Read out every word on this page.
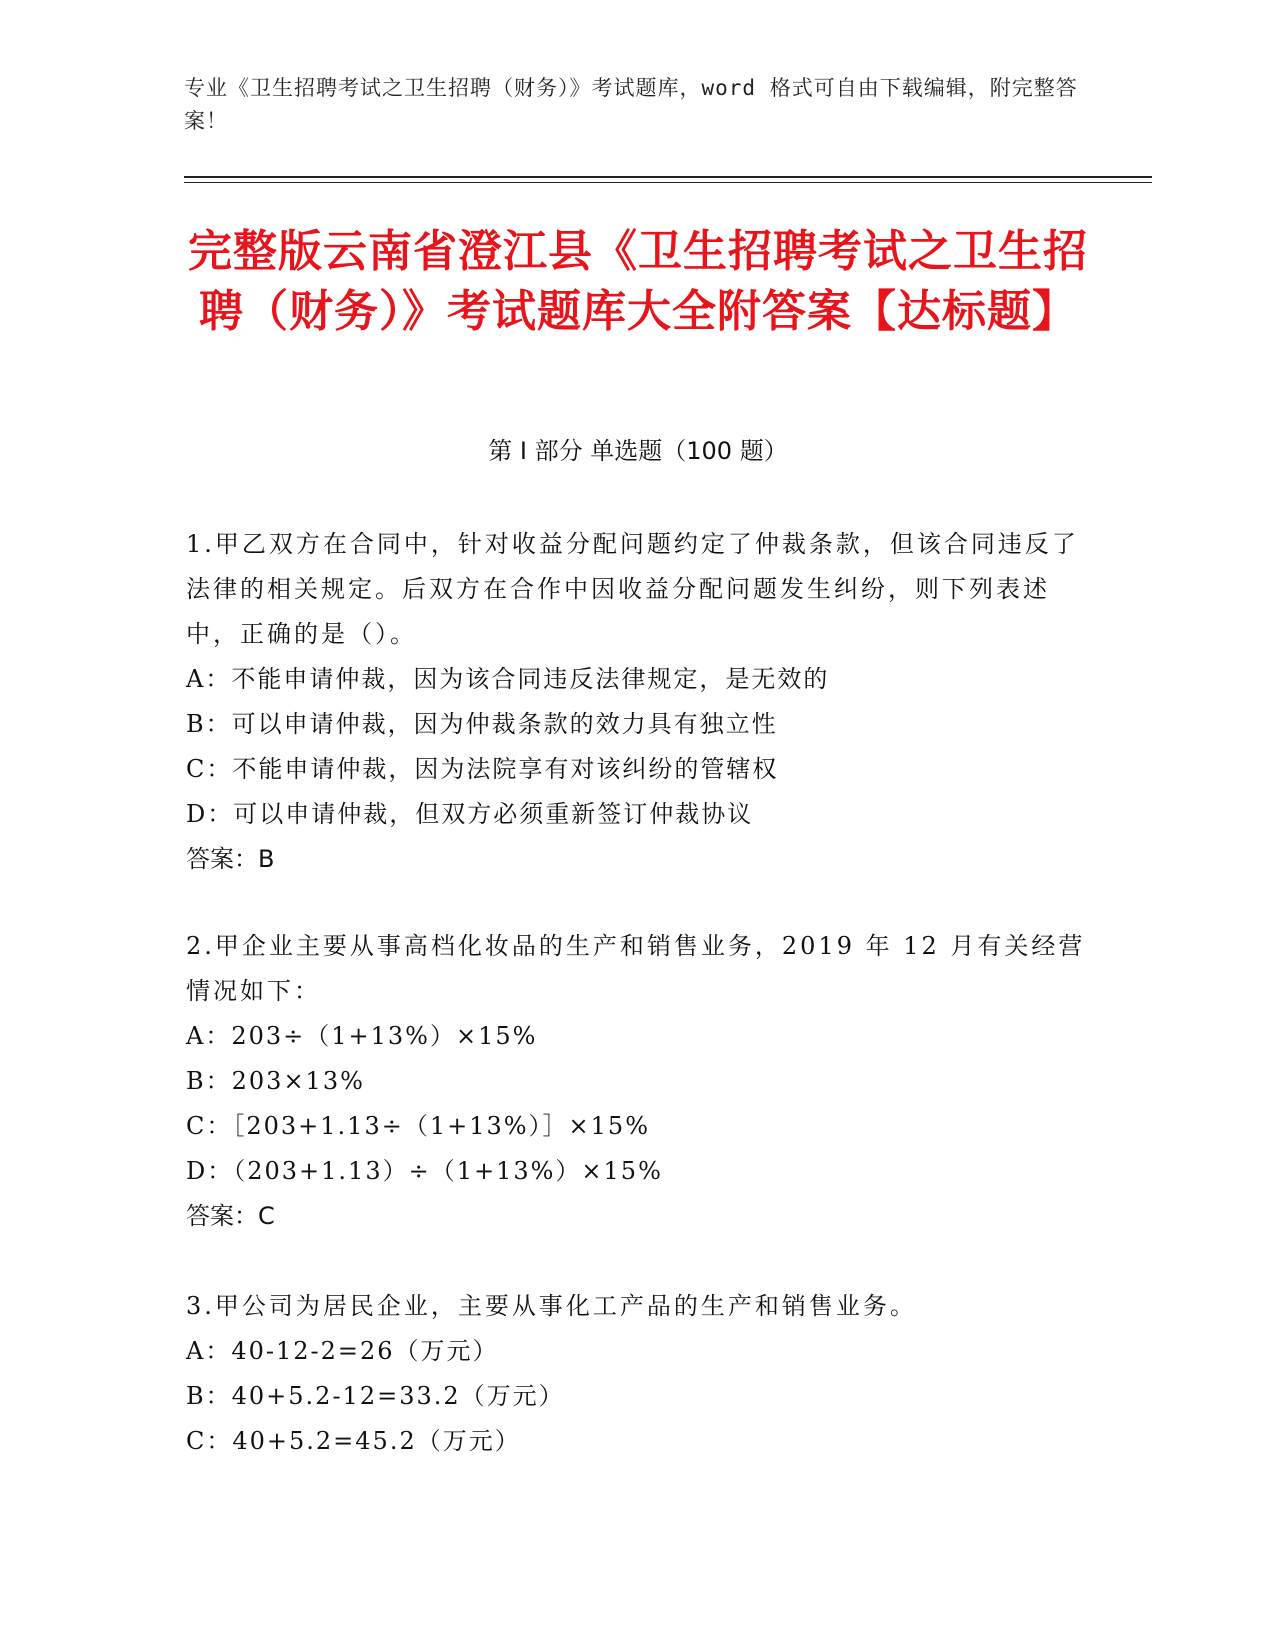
专业《卫生招聘考试之卫生招聘（财务）》考试题库，word 格式可自由下载编辑，附完整答案！
完整版云南省澄江县《卫生招聘考试之卫生招聘（财务）》考试题库大全附答案【达标题】
第 I 部分 单选题（100 题）

1.甲乙双方在合同中，针对收益分配问题约定了仲裁条款，但该合同违反了法律的相关规定。后双方在合作中因收益分配问题发生纠纷，则下列表述中，正确的是（）。

A：不能申请仲裁，因为该合同违反法律规定，是无效的

B：可以申请仲裁，因为仲裁条款的效力具有独立性

C：不能申请仲裁，因为法院享有对该纠纷的管辖权

D：可以申请仲裁，但双方必须重新签订仲裁协议

答案：B

2.甲企业主要从事高档化妆品的生产和销售业务，2019 年 12 月有关经营情况如下：

A：203÷（1+13%）×15%

B：203×13%

C：［203+1.13÷（1+13%）］×15%

D：（203+1.13）÷（1+13%）×15%

答案：C

3.甲公司为居民企业，主要从事化工产品的生产和销售业务。

A：40-12-2=26（万元）

B：40+5.2-12=33.2（万元）

C：40+5.2=45.2（万元）
